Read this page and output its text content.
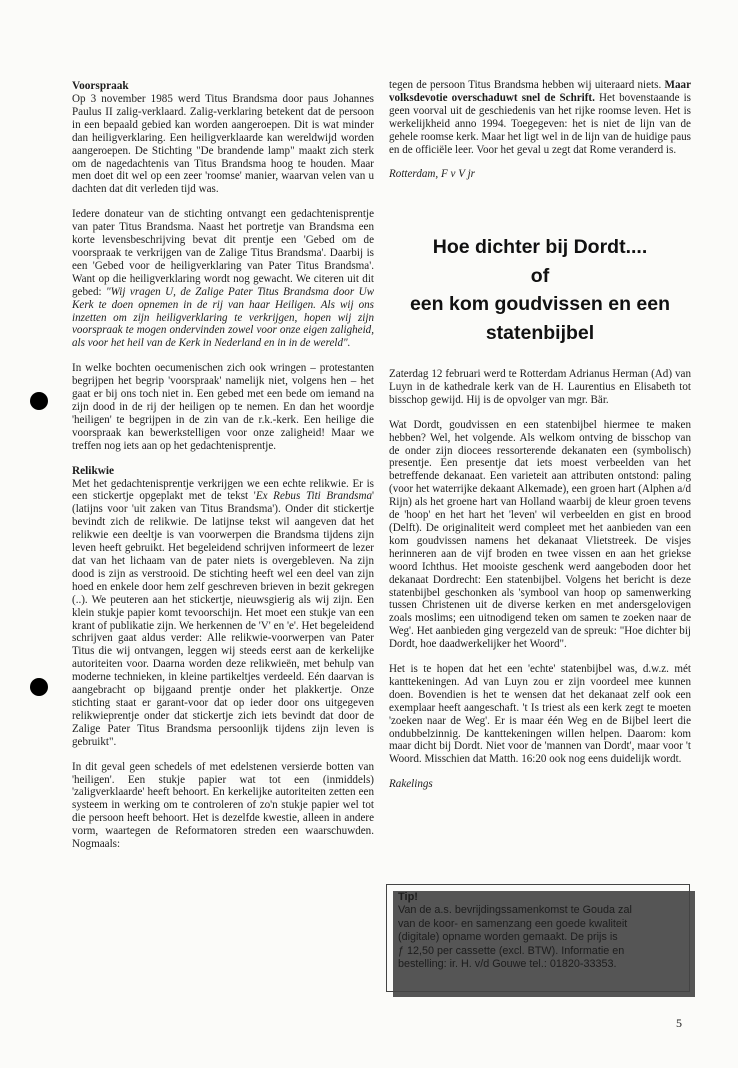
Voorspraak

Op 3 november 1985 werd Titus Brandsma door paus Johannes Paulus II zalig-verklaard. Zalig-verklaring betekent dat de persoon in een bepaald gebied kan worden aangeroepen. Dit is wat minder dan heiligverklaring. Een heiligverklaarde kan wereldwijd worden aangeroepen. De Stichting "De brandende lamp" maakt zich sterk om de nagedachtenis van Titus Brandsma hoog te houden. Maar men doet dit wel op een zeer 'roomse' manier, waarvan velen van u dachten dat dit verleden tijd was.

Iedere donateur van de stichting ontvangt een gedachtenisprentje van pater Titus Brandsma. Naast het portretje van Brandsma een korte levensbeschrijving bevat dit prentje een 'Gebed om de voorspraak te verkrijgen van de Zalige Titus Brandsma'. Daarbij is een 'Gebed voor de heiligverklaring van Pater Titus Brandsma'. Want op die heiligverklaring wordt nog gewacht. We citeren uit dit gebed: "Wij vragen U, de Zalige Pater Titus Brandsma door Uw Kerk te doen opnemen in de rij van haar Heiligen. Als wij ons inzetten om zijn heiligverklaring te verkrijgen, hopen wij zijn voorspraak te mogen ondervinden zowel voor onze eigen zaligheid, als voor het heil van de Kerk in Nederland en in in de wereld".

In welke bochten oecumenischen zich ook wringen – protestanten begrijpen het begrip 'voorspraak' namelijk niet, volgens hen – het gaat er bij ons toch niet in. Een gebed met een bede om iemand na zijn dood in de rij der heiligen op te nemen. En dan het woordje 'heiligen' te begrijpen in de zin van de r.k.-kerk. Een heilige die voorspraak kan bewerkstelligen voor onze zaligheid! Maar we treffen nog iets aan op het gedachtenisprentje.

Relikwie

Met het gedachtenisprentje verkrijgen we een echte relikwie. Er is een stickertje opgeplakt met de tekst 'Ex Rebus Titi Brandsma' (latijns voor 'uit zaken van Titus Brandsma'). Onder dit stickertje bevindt zich de relikwie. De latijnse tekst wil aangeven dat het relikwie een deeltje is van voorwerpen die Brandsma tijdens zijn leven heeft gebruikt. Het begeleidend schrijven informeert de lezer dat van het lichaam van de pater niets is overgebleven. Na zijn dood is zijn as verstrooid. De stichting heeft wel een deel van zijn hoed en enkele door hem zelf geschreven brieven in bezit gekregen (..). We peuteren aan het stickertje, nieuwsgierig als wij zijn. Een klein stukje papier komt tevoorschijn. Het moet een stukje van een krant of publikatie zijn. We herkennen de 'V' en 'e'. Het begeleidend schrijven gaat aldus verder: Alle relikwie-voorwerpen van Pater Titus die wij ontvangen, leggen wij steeds eerst aan de kerkelijke autoriteiten voor. Daarna worden deze relikwieën, met behulp van moderne technieken, in kleine partikeltjes verdeeld. Eén daarvan is aangebracht op bijgaand prentje onder het plakkertje. Onze stichting staat er garant-voor dat op ieder door ons uitgegeven relikwieprentje onder dat stickertje zich iets bevindt dat door de Zalige Pater Titus Brandsma persoonlijk tijdens zijn leven is gebruikt".

In dit geval geen schedels of met edelstenen versierde botten van 'heiligen'. Een stukje papier wat tot een (inmiddels) 'zaligverklaarde' heeft behoort. En kerkelijke autoriteiten zetten een systeem in werking om te controleren of zo'n stukje papier wel tot die persoon heeft behoort. Het is dezelfde kwestie, alleen in andere vorm, waartegen de Reformatoren streden een waarschuwden. Nogmaals:

tegen de persoon Titus Brandsma hebben wij uiteraard niets. Maar volksdevotie overschaduwt snel de Schrift. Het bovenstaande is geen voorval uit de geschiedenis van het rijke roomse leven. Het is werkelijkheid anno 1994. Toegegeven: het is niet de lijn van de gehele roomse kerk. Maar het ligt wel in de lijn van de huidige paus en de officiële leer. Voor het geval u zegt dat Rome veranderd is.

Rotterdam, F v V jr
Hoe dichter bij Dordt....
of
een kom goudvissen en een
statenbijbel

Zaterdag 12 februari werd te Rotterdam Adrianus Herman (Ad) van Luyn in de kathedrale kerk van de H. Laurentius en Elisabeth tot bisschop gewijd. Hij is de opvolger van mgr. Bär.

Wat Dordt, goudvissen en een statenbijbel hiermee te maken hebben? Wel, het volgende. Als welkom ontving de bisschop van de onder zijn diocees ressorterende dekanaten een (symbolisch) presentje. Een presentje dat iets moest verbeelden van het betreffende dekanaat. Een varieteit aan attributen ontstond: paling (voor het waterrijke dekaant Alkemade), een groen hart (Alphen a/d Rijn) als het groene hart van Holland waarbij de kleur groen tevens de 'hoop' en het hart het 'leven' wil verbeelden en gist en brood (Delft). De originaliteit werd compleet met het aanbieden van een kom goudvissen namens het dekanaat Vlietstreek. De visjes herinneren aan de vijf broden en twee vissen en aan het griekse woord Ichthus. Het mooiste geschenk werd aangeboden door het dekanaat Dordrecht: Een statenbijbel. Volgens het bericht is deze statenbijbel geschonken als 'symbool van hoop op samenwerking tussen Christenen uit de diverse kerken en met andersgelovigen zoals moslims; een uitnodigend teken om samen te zoeken naar de Weg'. Het aanbieden ging vergezeld van de spreuk: "Hoe dichter bij Dordt, hoe daadwerkelijker het Woord".

Het is te hopen dat het een 'echte' statenbijbel was, d.w.z. mét kanttekeningen. Ad van Luyn zou er zijn voordeel mee kunnen doen. Bovendien is het te wensen dat het dekanaat zelf ook een exemplaar heeft aangeschaft. 't Is triest als een kerk zegt te moeten 'zoeken naar de Weg'. Er is maar één Weg en de Bijbel leert die ondubbelzinnig. De kanttekeningen willen helpen. Daarom: kom maar dicht bij Dordt. Niet voor de 'mannen van Dordt', maar voor 't Woord. Misschien dat Matth. 16:20 ook nog eens duidelijk wordt.

Rakelings
Tip!
Van de a.s. bevrijdingssamenkomst te Gouda zal
van de koor- en samenzang een goede kwaliteit
(digitale) opname worden gemaakt. De prijs is
ƒ 12,50 per cassette (excl. BTW). Informatie en
bestelling: ir. H. v/d Gouwe tel.: 01820-33353.
5
